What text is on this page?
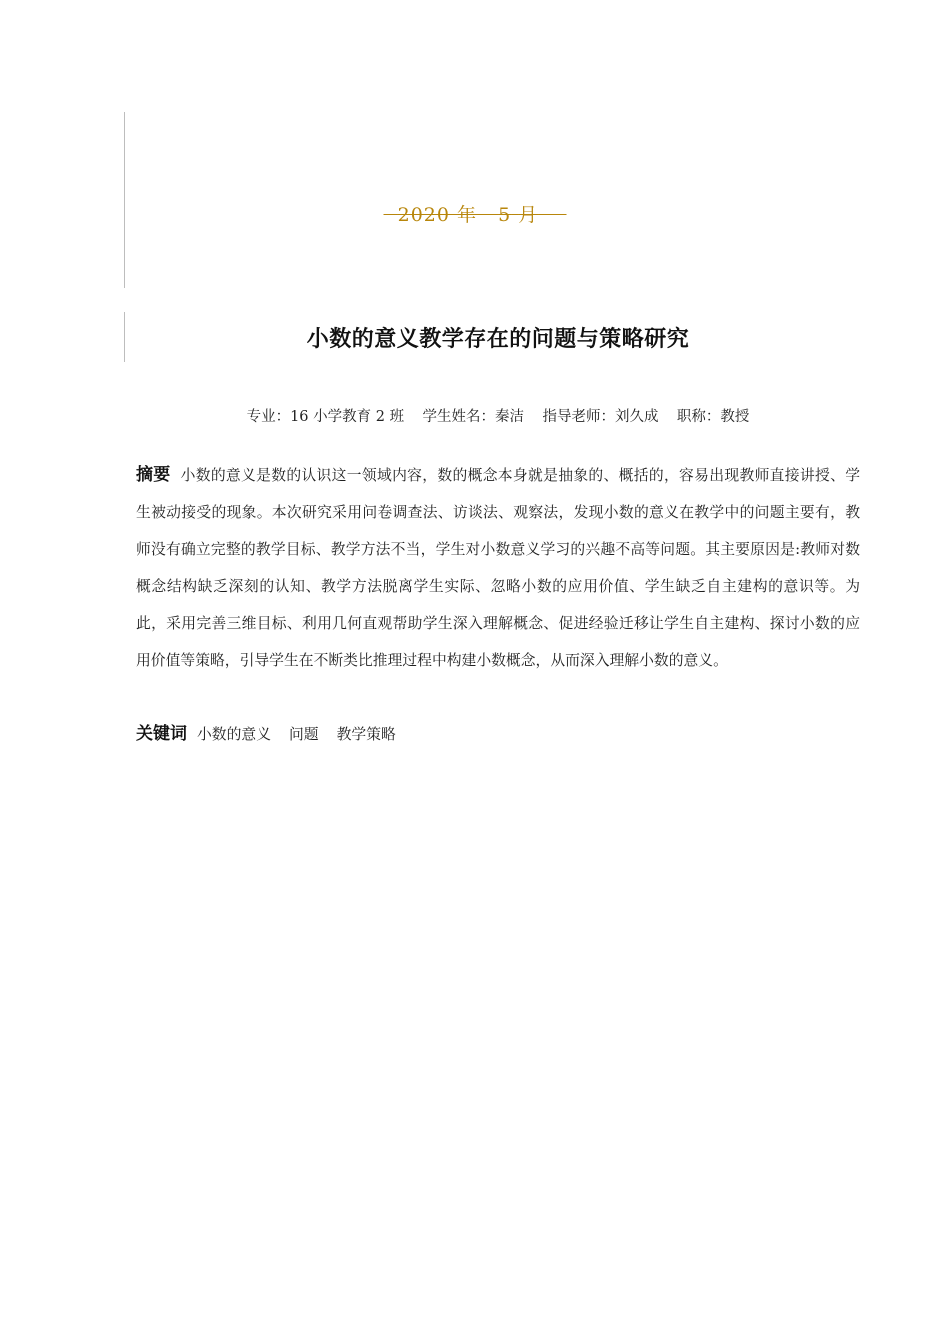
2020 年 5 月
小数的意义教学存在的问题与策略研究
专业：16 小学教育 2 班 学生姓名：秦洁 指导老师：刘久成 职称：教授

摘要 小数的意义是数的认识这一领域内容，数的概念本身就是抽象的、概括的，容易出现教师直接讲授、学生被动接受的现象。本次研究采用问卷调查法、访谈法、观察法，发现小数的意义在教学中的问题主要有，教师没有确立完整的教学目标、教学方法不当，学生对小数意义学习的兴趣不高等问题。其主要原因是:教师对数概念结构缺乏深刻的认知、教学方法脱离学生实际、忽略小数的应用价值、学生缺乏自主建构的意识等。为此，采用完善三维目标、利用几何直观帮助学生深入理解概念、促进经验迁移让学生自主建构、探讨小数的应用价值等策略，引导学生在不断类比推理过程中构建小数概念，从而深入理解小数的意义。

关键词 小数的意义 问题 教学策略
